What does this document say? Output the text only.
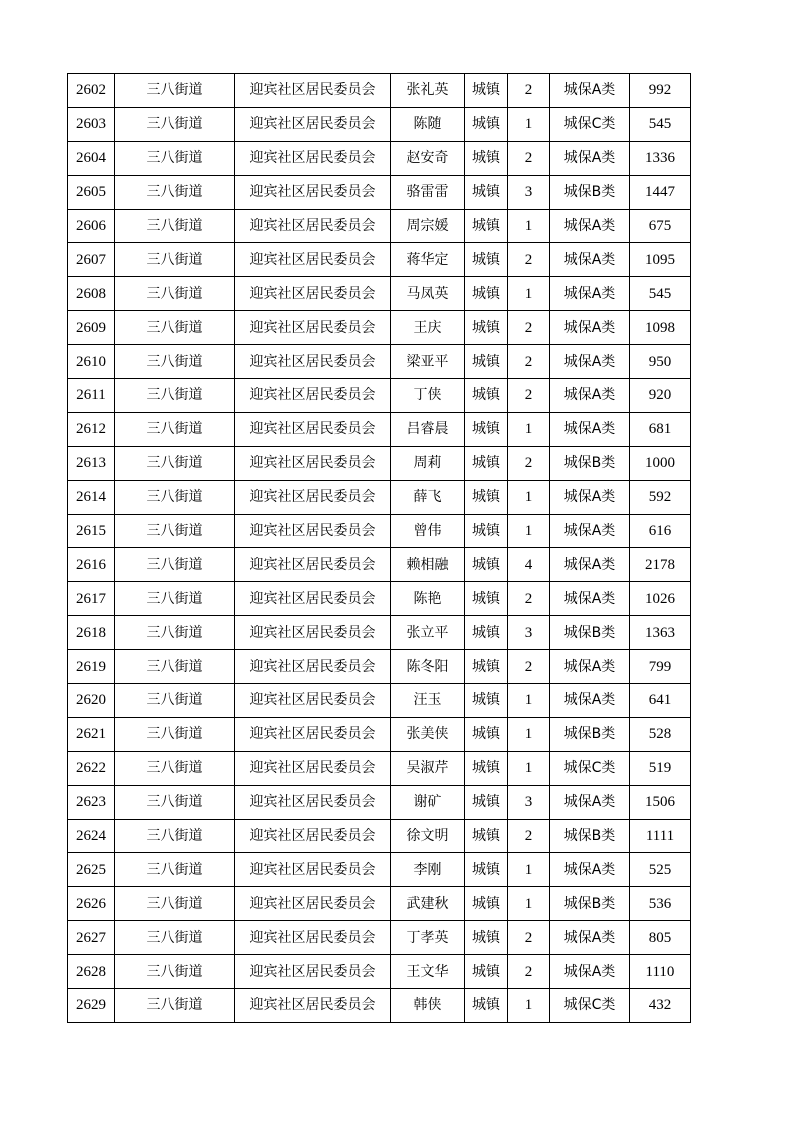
2602	三八街道	迎宾社区居民委员会	张礼英	城镇	2	城保A类	992
2603	三八街道	迎宾社区居民委员会	陈随	城镇	1	城保C类	545
2604	三八街道	迎宾社区居民委员会	赵安奇	城镇	2	城保A类	1336
2605	三八街道	迎宾社区居民委员会	骆雷雷	城镇	3	城保B类	1447
2606	三八街道	迎宾社区居民委员会	周宗媛	城镇	1	城保A类	675
2607	三八街道	迎宾社区居民委员会	蒋华定	城镇	2	城保A类	1095
2608	三八街道	迎宾社区居民委员会	马凤英	城镇	1	城保A类	545
2609	三八街道	迎宾社区居民委员会	王庆	城镇	2	城保A类	1098
2610	三八街道	迎宾社区居民委员会	梁亚平	城镇	2	城保A类	950
2611	三八街道	迎宾社区居民委员会	丁侠	城镇	2	城保A类	920
2612	三八街道	迎宾社区居民委员会	吕睿晨	城镇	1	城保A类	681
2613	三八街道	迎宾社区居民委员会	周莉	城镇	2	城保B类	1000
2614	三八街道	迎宾社区居民委员会	薛飞	城镇	1	城保A类	592
2615	三八街道	迎宾社区居民委员会	曾伟	城镇	1	城保A类	616
2616	三八街道	迎宾社区居民委员会	赖相融	城镇	4	城保A类	2178
2617	三八街道	迎宾社区居民委员会	陈艳	城镇	2	城保A类	1026
2618	三八街道	迎宾社区居民委员会	张立平	城镇	3	城保B类	1363
2619	三八街道	迎宾社区居民委员会	陈冬阳	城镇	2	城保A类	799
2620	三八街道	迎宾社区居民委员会	汪玉	城镇	1	城保A类	641
2621	三八街道	迎宾社区居民委员会	张美侠	城镇	1	城保B类	528
2622	三八街道	迎宾社区居民委员会	吴淑芹	城镇	1	城保C类	519
2623	三八街道	迎宾社区居民委员会	谢矿	城镇	3	城保A类	1506
2624	三八街道	迎宾社区居民委员会	徐文明	城镇	2	城保B类	1111
2625	三八街道	迎宾社区居民委员会	李刚	城镇	1	城保A类	525
2626	三八街道	迎宾社区居民委员会	武建秋	城镇	1	城保B类	536
2627	三八街道	迎宾社区居民委员会	丁孝英	城镇	2	城保A类	805
2628	三八街道	迎宾社区居民委员会	王文华	城镇	2	城保A类	1110
2629	三八街道	迎宾社区居民委员会	韩侠	城镇	1	城保C类	432
